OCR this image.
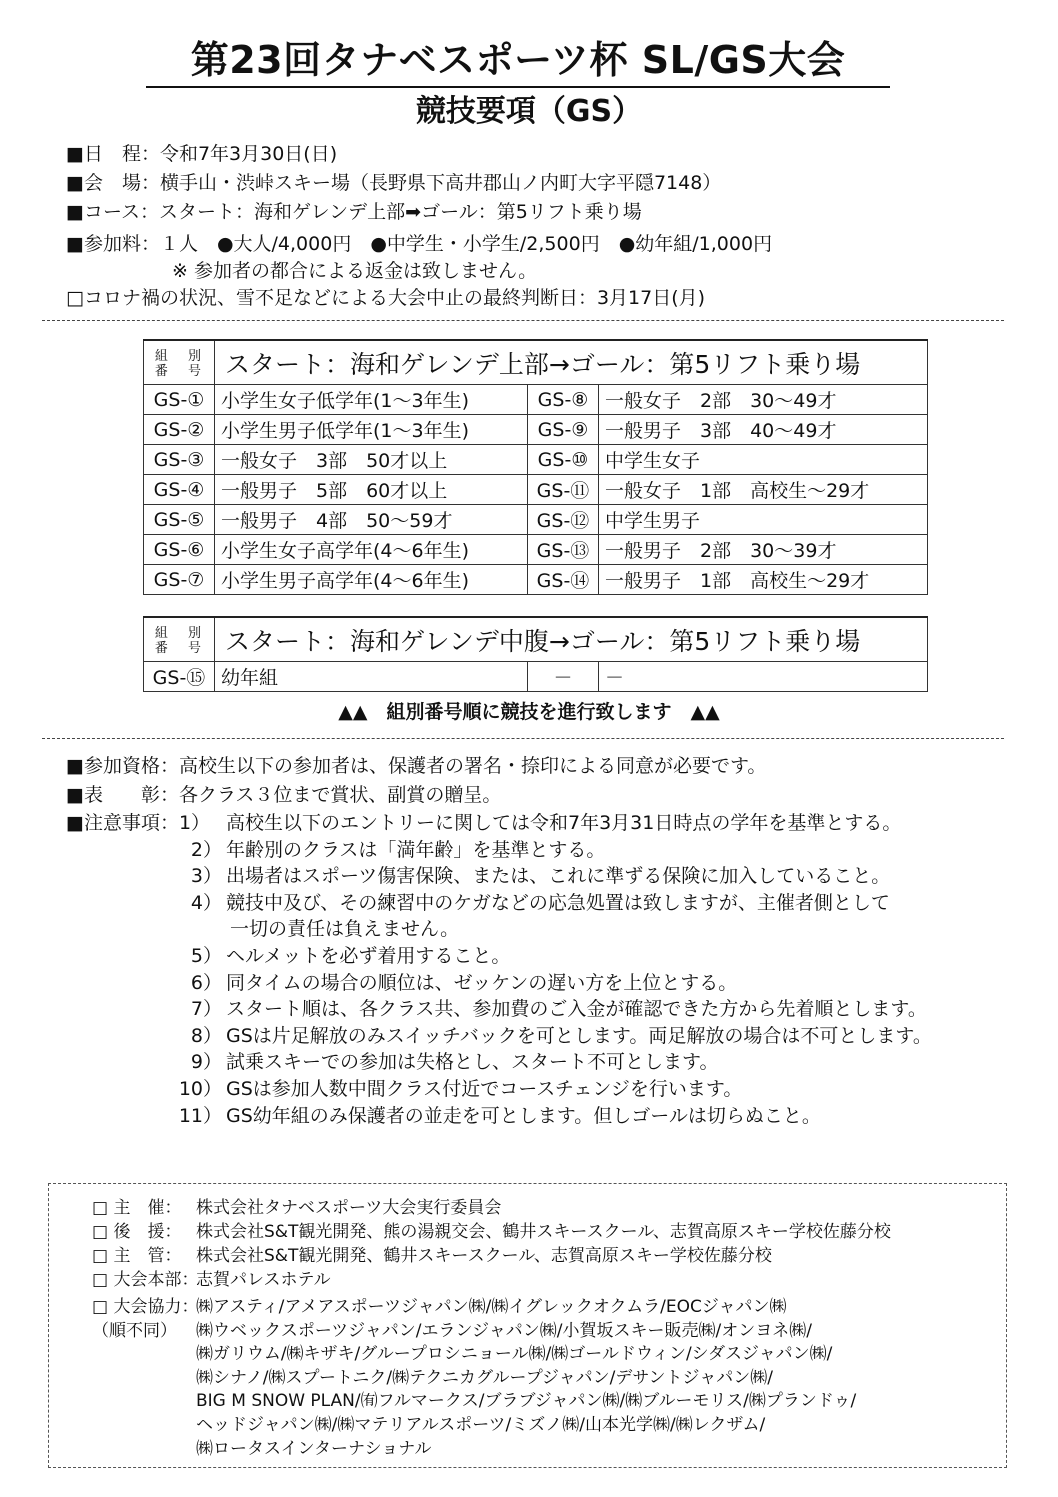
第23回タナベスポーツ杯 SL/GS大会
競技要項（GS）
■日　程：令和7年3月30日(日)
■会　場：横手山・渋峠スキー場（長野県下高井郡山ノ内町大字平隠7148）
■コース：スタート：海和ゲレンデ上部➡ゴール：第5リフト乗り場
■参加料：１人　●大人/4,000円　●中学生・小学生/2,500円　●幼年組/1,000円
※ 参加者の都合による返金は致しません。
□コロナ禍の状況、雪不足などによる大会中止の最終判断日：3月17日(月)
組 別
番 号	スタート：海和ゲレンデ上部→ゴール：第5リフト乗り場		
GS-①	小学生女子低学年(1～3年生)	GS-⑧	一般女子　2部　30～49才
GS-②	小学生男子低学年(1～3年生)	GS-⑨	一般男子　3部　40～49才
GS-③	一般女子　3部　50才以上	GS-⑩	中学生女子
GS-④	一般男子　5部　60才以上	GS-⑪	一般女子　1部　高校生～29才
GS-⑤	一般男子　4部　50～59才	GS-⑫	中学生男子
GS-⑥	小学生女子高学年(4～6年生)	GS-⑬	一般男子　2部　30～39才
GS-⑦	小学生男子高学年(4～6年生)	GS-⑭	一般男子　1部　高校生～29才
組 別
番 号	スタート：海和ゲレンデ中腹→ゴール：第5リフト乗り場		
GS-⑮	幼年組	－	－
▲▲　組別番号順に競技を進行致します　▲▲
■参加資格：高校生以下の参加者は、保護者の署名・捺印による同意が必要です。
■表　　彰：各クラス３位まで賞状、副賞の贈呈。
■注意事項：1） 高校生以下のエントリーに関しては令和7年3月31日時点の学年を基準とする。
2） 年齢別のクラスは「満年齢」を基準とする。
3） 出場者はスポーツ傷害保険、または、これに準ずる保険に加入していること。
4） 競技中及び、その練習中のケガなどの応急処置は致しますが、主催者側として
一切の責任は負えません。
5） ヘルメットを必ず着用すること。
6） 同タイムの場合の順位は、ゼッケンの遅い方を上位とする。
7） スタート順は、各クラス共、参加費のご入金が確認できた方から先着順とします。
8） GSは片足解放のみスイッチバックを可とします。両足解放の場合は不可とします。
9） 試乗スキーでの参加は失格とし、スタート不可とします。
10） GSは参加人数中間クラス付近でコースチェンジを行います。
11） GS幼年組のみ保護者の並走を可とします。但しゴールは切らぬこと。
□ 主　催： 株式会社タナベスポーツ大会実行委員会
□ 後　援： 株式会社S&T観光開発、熊の湯親交会、鶴井スキースクール、志賀高原スキー学校佐藤分校
□ 主　管： 株式会社S&T観光開発、鶴井スキースクール、志賀高原スキー学校佐藤分校
□ 大会本部：
志賀パレスホテル
□ 大会協力：
（順不同）
㈱アスティ/アメアスポーツジャパン㈱/㈱イグレックオクムラ/EOCジャパン㈱
㈱ウベックスポーツジャパン/エランジャパン㈱/小賀坂スキー販売㈱/オンヨネ㈱/
㈱ガリウム/㈱キザキ/グループロシニョール㈱/㈱ゴールドウィン/シダスジャパン㈱/
㈱シナノ/㈱スプートニク/㈱テクニカグループジャパン/デサントジャパン㈱/
BIG M SNOW PLAN/㈲フルマークス/ブラブジャパン㈱/㈱ブルーモリス/㈱プランドゥ/
ヘッドジャパン㈱/㈱マテリアルスポーツ/ミズノ㈱/山本光学㈱/㈱レクザム/
㈱ロータスインターナショナル
